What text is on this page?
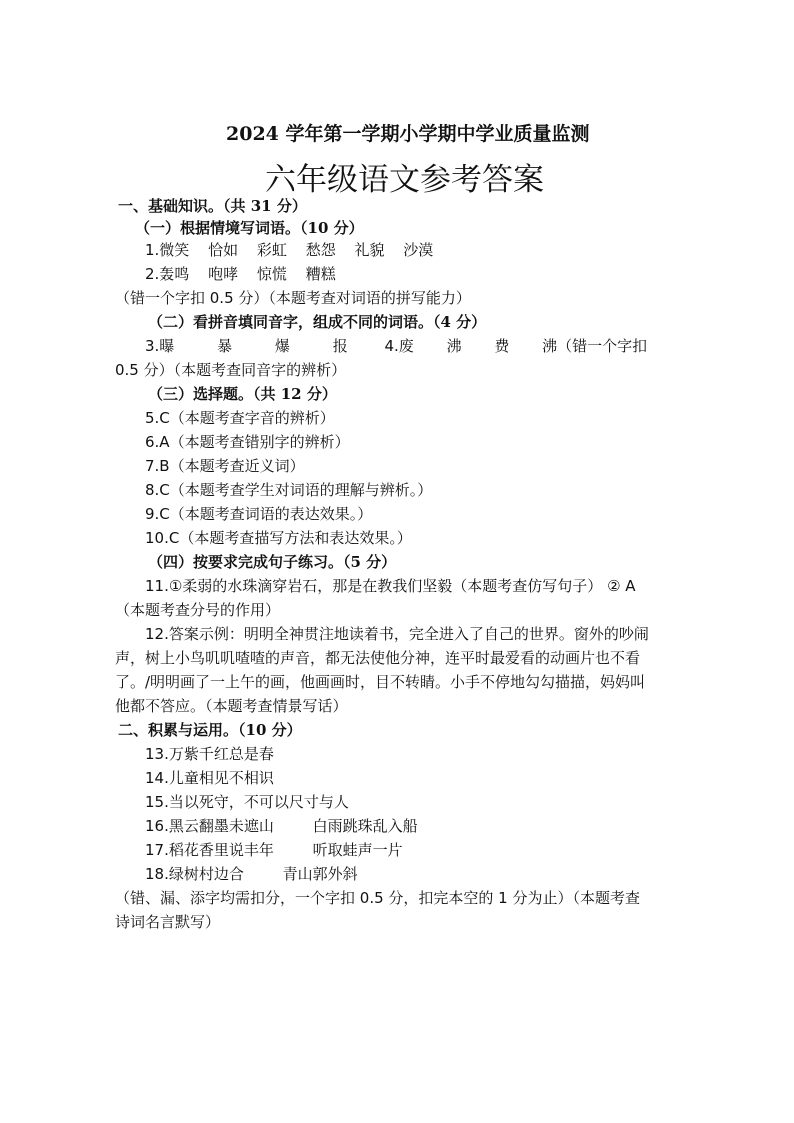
2024 学年第一学期小学期中学业质量监测
六年级语文参考答案
一、基础知识。（共 31 分）
（一）根据情境写词语。（10 分）
1.微笑 恰如 彩虹 愁怨 礼貌 沙漠
2.轰鸣 咆哮 惊慌 糟糕
（错一个字扣 0.5 分）（本题考查对词语的拼写能力）
（二）看拼音填同音字，组成不同的词语。（4 分）
3.曝	暴	爆	报 4.废 沸 费 沸（错一个字扣
0.5 分）（本题考查同音字的辨析）
（三）选择题。（共 12 分）
5.C（本题考查字音的辨析）
6.A（本题考查错别字的辨析）
7.B（本题考查近义词）
8.C（本题考查学生对词语的理解与辨析。）
9.C（本题考查词语的表达效果。）
10.C（本题考查描写方法和表达效果。）
（四）按要求完成句子练习。（5 分）
11.①柔弱的水珠滴穿岩石，那是在教我们坚毅（本题考查仿写句子） ② A
（本题考查分号的作用）
12.答案示例：明明全神贯注地读着书，完全进入了自己的世界。窗外的吵闹
声，树上小鸟叽叽喳喳的声音，都无法使他分神，连平时最爱看的动画片也不看
了。/明明画了一上午的画，他画画时，目不转睛。小手不停地勾勾描描，妈妈叫
他都不答应。（本题考查情景写话）
二、积累与运用。（10 分）
13.万紫千红总是春
14.儿童相见不相识
15.当以死守，不可以尺寸与人
16.黑云翻墨未遮山	白雨跳珠乱入船
17.稻花香里说丰年	听取蛙声一片
18.绿树村边合	青山郭外斜
（错、漏、添字均需扣分，一个字扣 0.5 分，扣完本空的 1 分为止）（本题考查
诗词名言默写）
